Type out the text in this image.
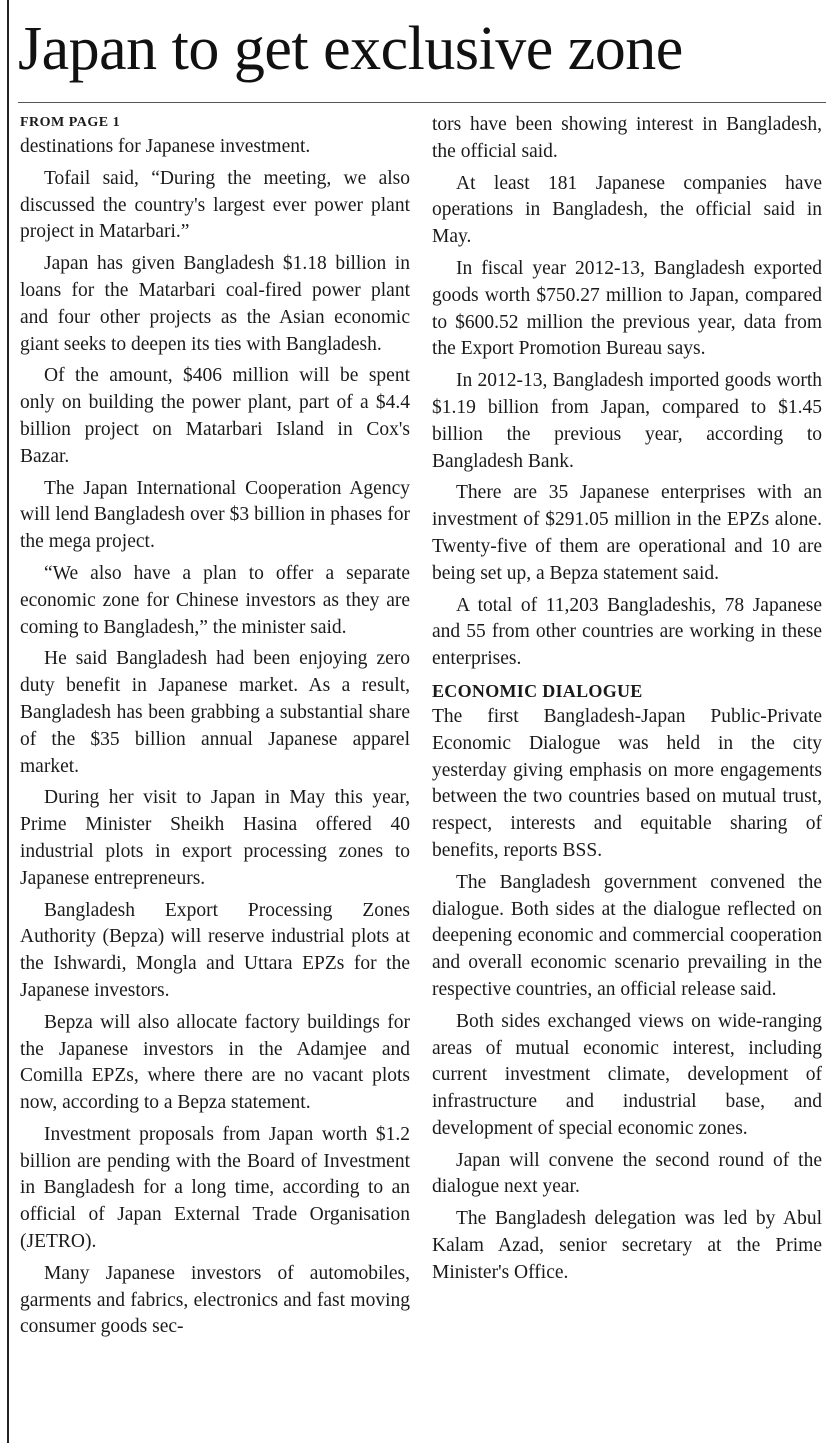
Japan to get exclusive zone
FROM PAGE 1

destinations for Japanese investment.

Tofail said, “During the meeting, we also discussed the country's largest ever power plant project in Matarbari.”

Japan has given Bangladesh $1.18 billion in loans for the Matarbari coal-fired power plant and four other projects as the Asian economic giant seeks to deepen its ties with Bangladesh.

Of the amount, $406 million will be spent only on building the power plant, part of a $4.4 billion project on Matarbari Island in Cox's Bazar.

The Japan International Cooperation Agency will lend Bangladesh over $3 billion in phases for the mega project.

“We also have a plan to offer a separate economic zone for Chinese investors as they are coming to Bangladesh,” the minister said.

He said Bangladesh had been enjoying zero duty benefit in Japanese market. As a result, Bangladesh has been grabbing a substantial share of the $35 billion annual Japanese apparel market.

During her visit to Japan in May this year, Prime Minister Sheikh Hasina offered 40 industrial plots in export processing zones to Japanese entrepreneurs.

Bangladesh Export Processing Zones Authority (Bepza) will reserve industrial plots at the Ishwardi, Mongla and Uttara EPZs for the Japanese investors.

Bepza will also allocate factory buildings for the Japanese investors in the Adamjee and Comilla EPZs, where there are no vacant plots now, according to a Bepza statement.

Investment proposals from Japan worth $1.2 billion are pending with the Board of Investment in Bangladesh for a long time, according to an official of Japan External Trade Organisation (JETRO).

Many Japanese investors of automobiles, garments and fabrics, electronics and fast moving consumer goods sec-

tors have been showing interest in Bangladesh, the official said.

At least 181 Japanese companies have operations in Bangladesh, the official said in May.

In fiscal year 2012-13, Bangladesh exported goods worth $750.27 million to Japan, compared to $600.52 million the previous year, data from the Export Promotion Bureau says.

In 2012-13, Bangladesh imported goods worth $1.19 billion from Japan, compared to $1.45 billion the previous year, according to Bangladesh Bank.

There are 35 Japanese enterprises with an investment of $291.05 million in the EPZs alone. Twenty-five of them are operational and 10 are being set up, a Bepza statement said.

A total of 11,203 Bangladeshis, 78 Japanese and 55 from other countries are working in these enterprises.

ECONOMIC DIALOGUE

The first Bangladesh-Japan Public-Private Economic Dialogue was held in the city yesterday giving emphasis on more engagements between the two countries based on mutual trust, respect, interests and equitable sharing of benefits, reports BSS.

The Bangladesh government convened the dialogue. Both sides at the dialogue reflected on deepening economic and commercial cooperation and overall economic scenario prevailing in the respective countries, an official release said.

Both sides exchanged views on wide-ranging areas of mutual economic interest, including current investment climate, development of infrastructure and industrial base, and development of special economic zones.

Japan will convene the second round of the dialogue next year.

The Bangladesh delegation was led by Abul Kalam Azad, senior secretary at the Prime Minister's Office.
